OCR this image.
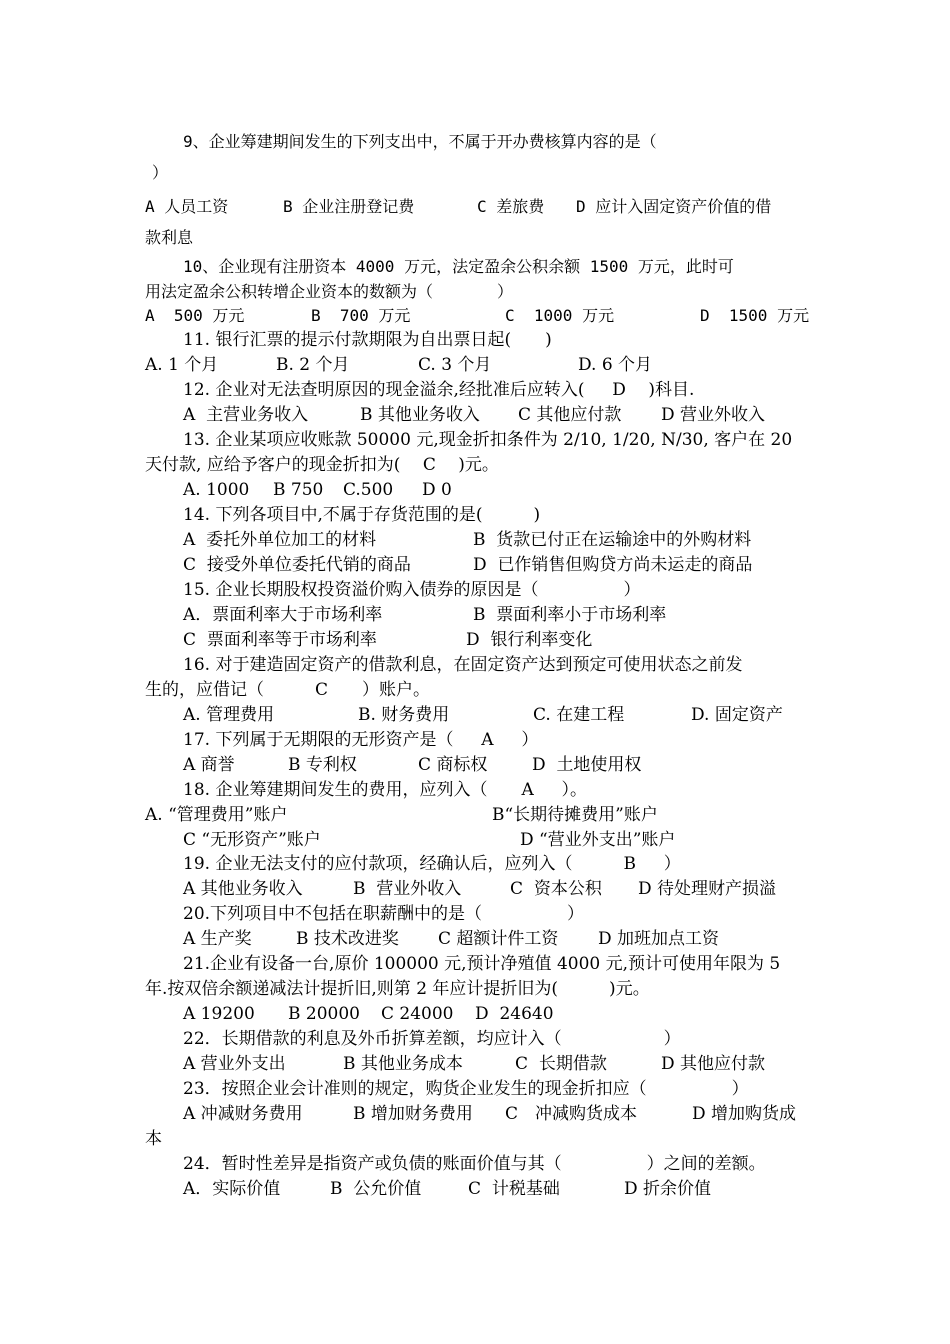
9、企业筹建期间发生的下列支出中，不属于开办费核算内容的是（
）
A 人员工资	B 企业注册登记费	C 差旅费 D 应计入固定资产价值的借
款利息
10、企业现有注册资本 4000 万元，法定盈余公积余额 1500 万元，此时可
用法定盈余公积转增企业资本的数额为（　　　　）
A  500 万元	B  700 万元	C  1000 万元	D  1500 万元
11. 银行汇票的提示付款期限为自出票日起(　　)
A. 1 个月	B. 2 个月	C. 3 个月	D. 6 个月
12. 企业对无法查明原因的现金溢余,经批准后应转入(　  D　 )科目.
A  主营业务收入	B 其他业务收入 C 其他应付款 D 营业外收入
13. 企业某项应收账款 50000 元,现金折扣条件为 2/10, 1/20, N/30, 客户在 20
天付款, 应给予客户的现金折扣为(　 C　 )元。
A. 1000 B 750 C.500 D 0
14. 下列各项目中,不属于存货范围的是(　　　)
A  委托外单位加工的材料	B  货款已付正在运输途中的外购材料
C  接受外单位委托代销的商品	D  已作销售但购贷方尚未运走的商品
15. 企业长期股权投资溢价购入债券的原因是（　　　　　）
A．票面利率大于市场利率	B  票面利率小于市场利率
C  票面利率等于市场利率	D  银行利率变化
16. 对于建造固定资产的借款利息，在固定资产达到预定可使用状态之前发
生的，应借记（　　　C　　）账户。
A. 管理费用	B. 财务费用	C. 在建工程	D. 固定资产
17. 下列属于无期限的无形资产是（　  A　  ）
A 商誉	B 专利权	C 商标权	D  土地使用权
18. 企业筹建期间发生的费用，应列入（　　A　  ）。
A. “管理费用”账户	B“长期待摊费用”账户
C “无形资产”账户	D “营业外支出”账户
19. 企业无法支付的应付款项，经确认后，应列入（　　　B　  ）
A 其他业务收入	B  营业外收入	C  资本公积 D 待处理财产损溢
20.下列项目中不包括在职薪酬中的是（　　　　　）
A 生产奖	B 技术改进奖 C 超额计件工资 D 加班加点工资
21.企业有设备一台,原价 100000 元,预计净殖值 4000 元,预计可使用年限为 5
年.按双倍余额递减法计提折旧,则第 2 年应计提折旧为(　　　)元。
A 19200 B 20000 C 24000 D  24640
22．长期借款的利息及外币折算差额，均应计入（　　　　　　）
A 营业外支出	B 其他业务成本	C  长期借款	D 其他应付款
23．按照企业会计准则的规定，购货企业发生的现金折扣应（　　　　　）
A 冲减财务费用	B 增加财务费用 C　冲减购货成本	D 增加购货成
本
24．暂时性差异是指资产或负债的账面价值与其（　　　　　）之间的差额。
A．实际价值	B  公允价值	C  计税基础	D 折余价值
